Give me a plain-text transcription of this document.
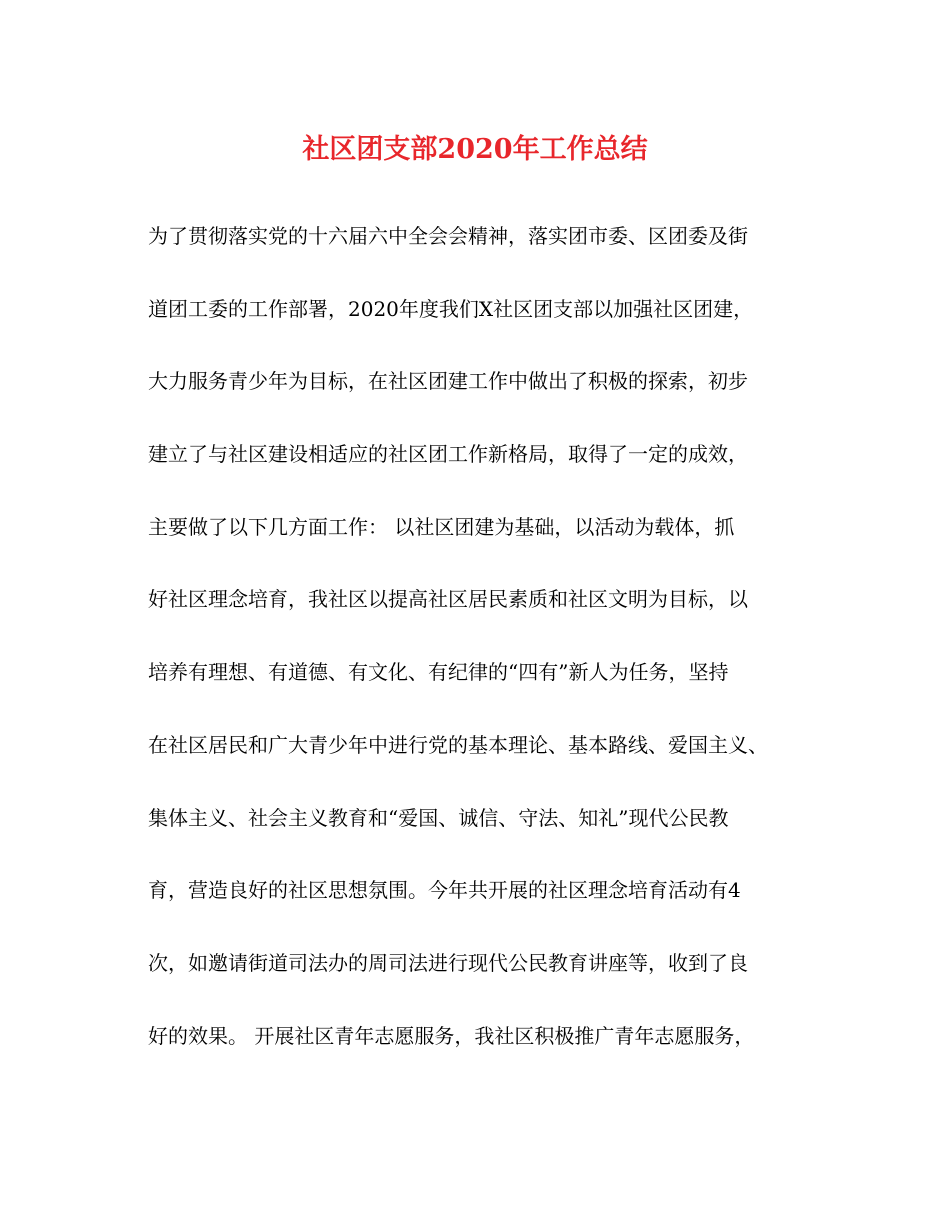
社区团支部2020年工作总结
为了贯彻落实党的十六届六中全会会精神，落实团市委、区团委及街
道团工委的工作部署，2020年度我们X社区团支部以加强社区团建，
大力服务青少年为目标，在社区团建工作中做出了积极的探索，初步
建立了与社区建设相适应的社区团工作新格局，取得了一定的成效，
主要做了以下几方面工作： 以社区团建为基础，以活动为载体，抓
好社区理念培育，我社区以提高社区居民素质和社区文明为目标，以
培养有理想、有道德、有文化、有纪律的“四有”新人为任务，坚持
在社区居民和广大青少年中进行党的基本理论、基本路线、爱国主义、
集体主义、社会主义教育和“爱国、诚信、守法、知礼”现代公民教
育，营造良好的社区思想氛围。今年共开展的社区理念培育活动有4
次，如邀请街道司法办的周司法进行现代公民教育讲座等，收到了良
好的效果。 开展社区青年志愿服务，我社区积极推广青年志愿服务，
